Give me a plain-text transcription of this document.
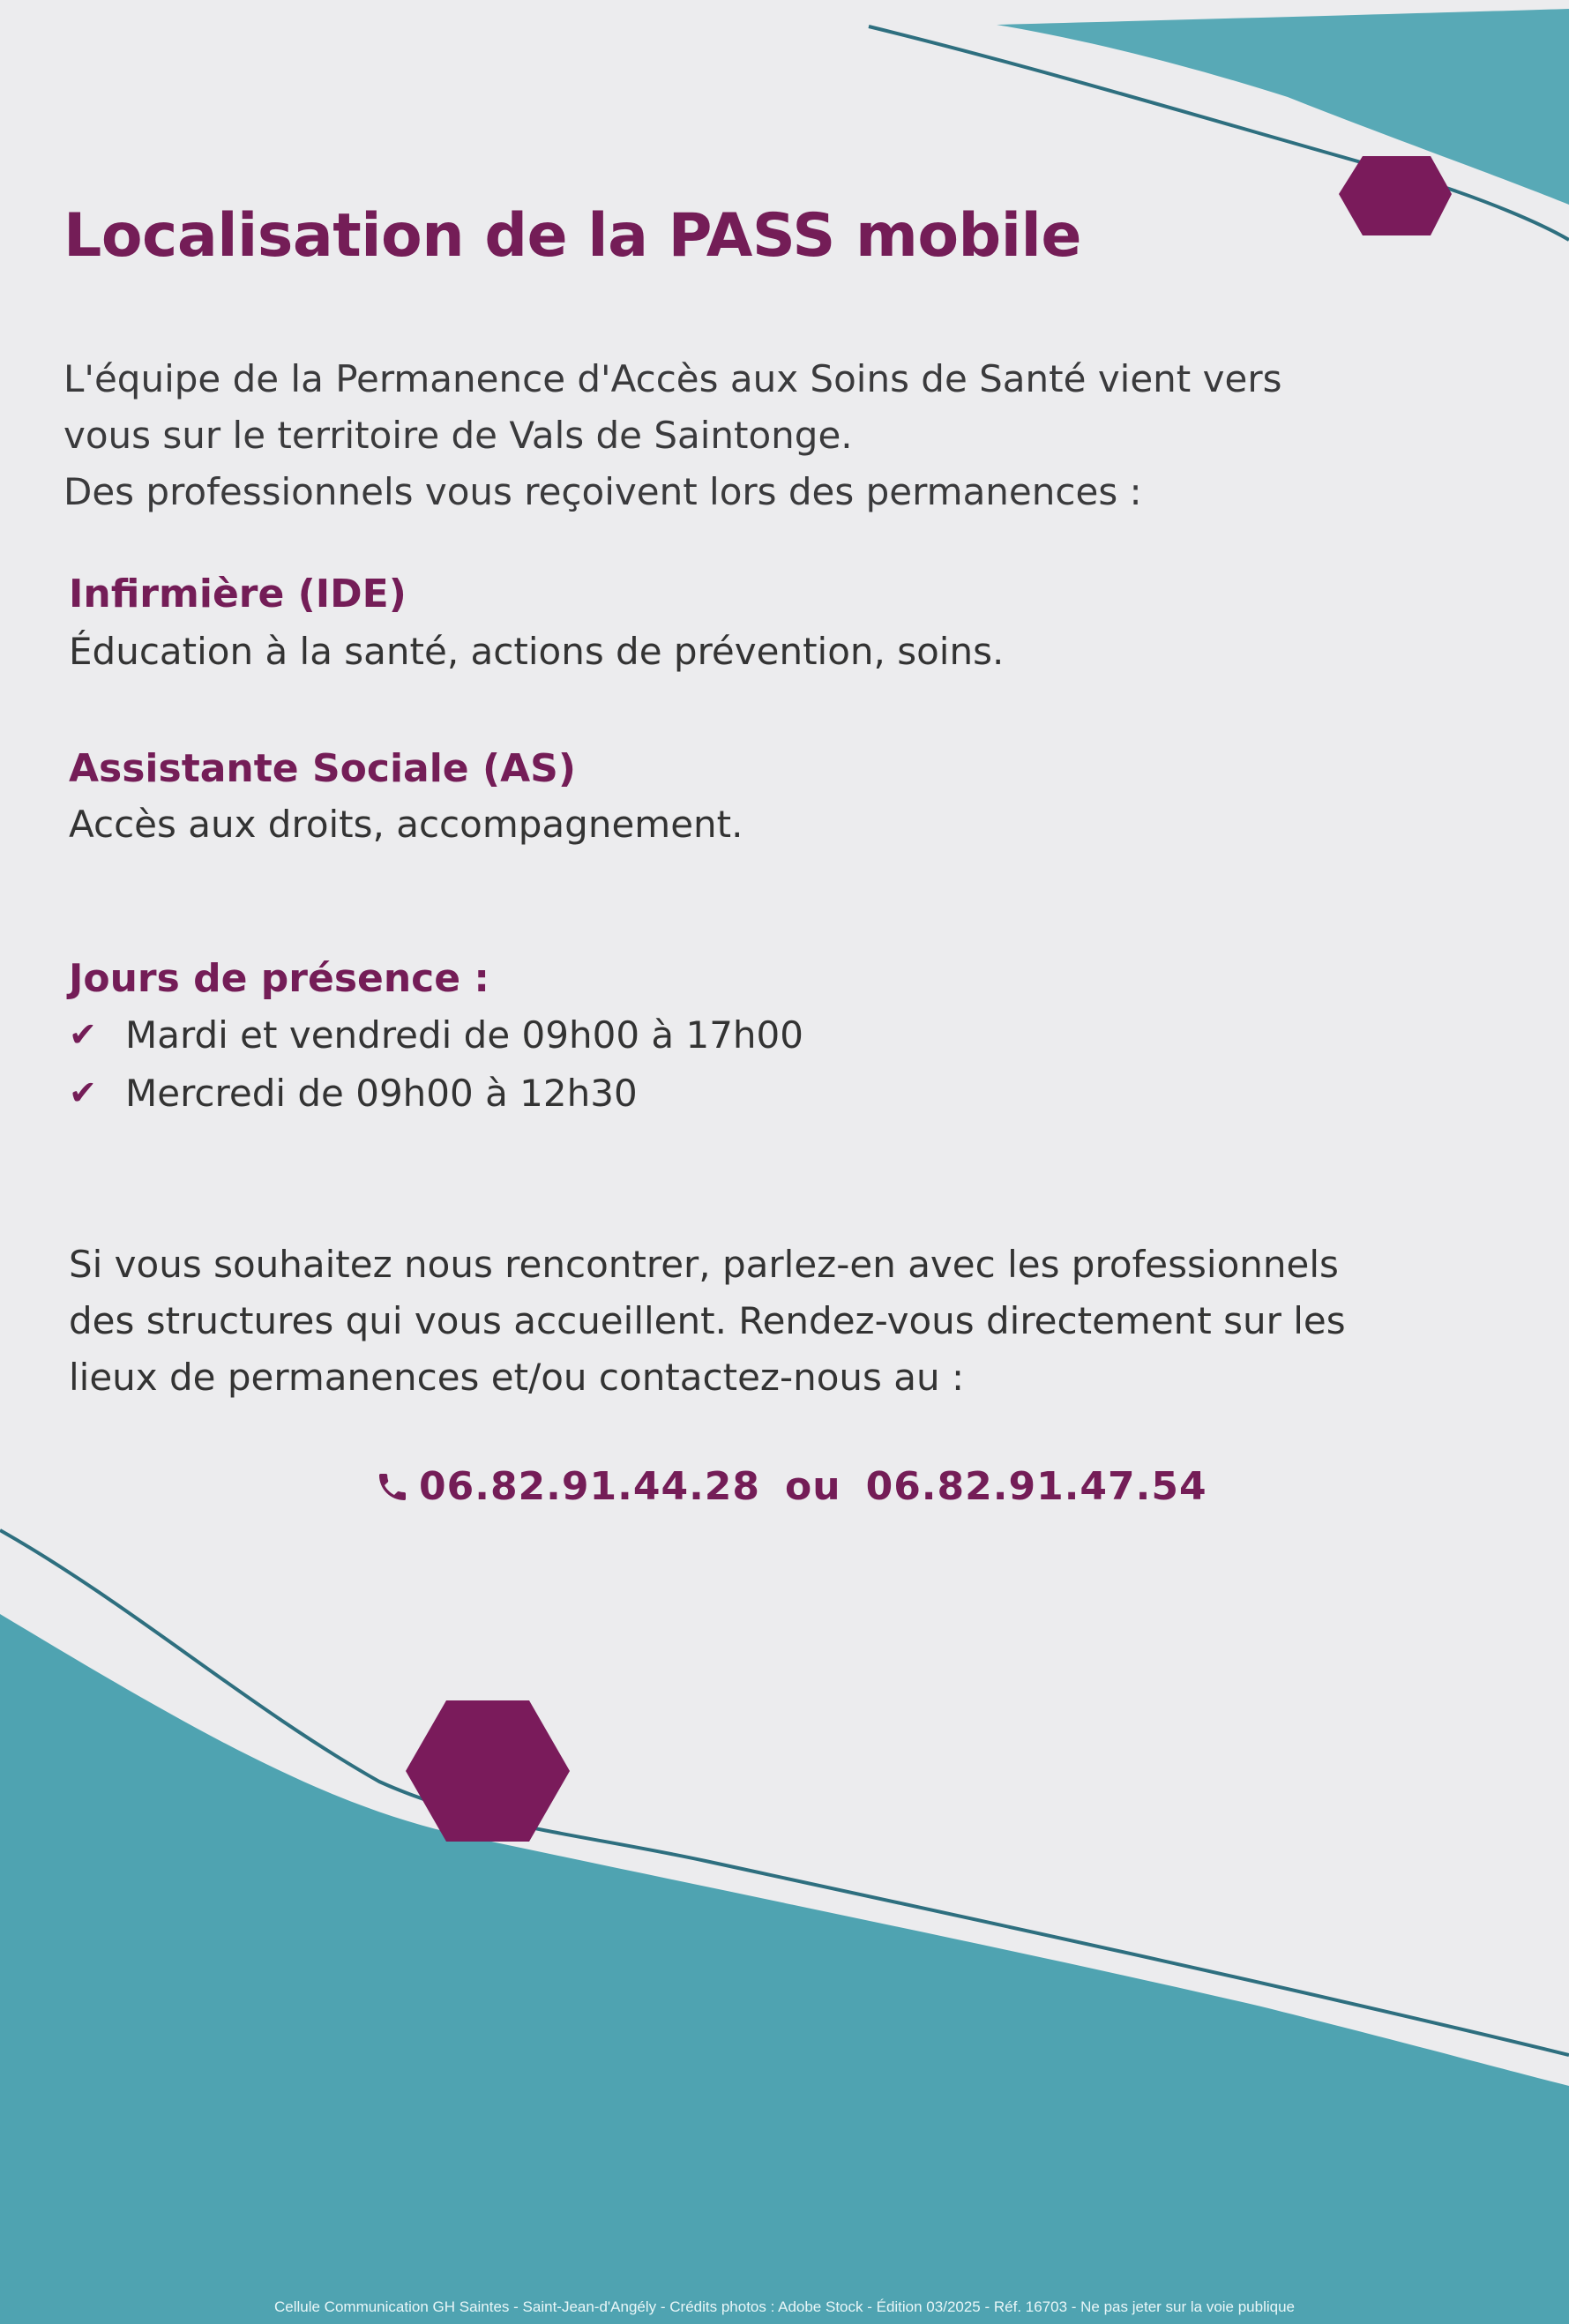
Localisation de la PASS mobile
L'équipe de la Permanence d'Accès aux Soins de Santé vient vers
vous sur le territoire de Vals de Saintonge.
Des professionnels vous reçoivent lors des permanences :
Infirmière (IDE)
Éducation à la santé, actions de prévention, soins.
Assistante Sociale (AS)
Accès aux droits, accompagnement.
Jours de présence :
✔ Mardi et vendredi de 09h00 à 17h00
✔ Mercredi de 09h00 à 12h30
Si vous souhaitez nous rencontrer, parlez-en avec les professionnels
des structures qui vous accueillent. Rendez-vous directement sur les
lieux de permanences et/ou contactez-nous au :
06.82.91.44.28 ou 06.82.91.47.54
Cellule Communication GH Saintes - Saint-Jean-d'Angély - Crédits photos : Adobe Stock - Édition 03/2025 - Réf. 16703 - Ne pas jeter sur la voie publique
